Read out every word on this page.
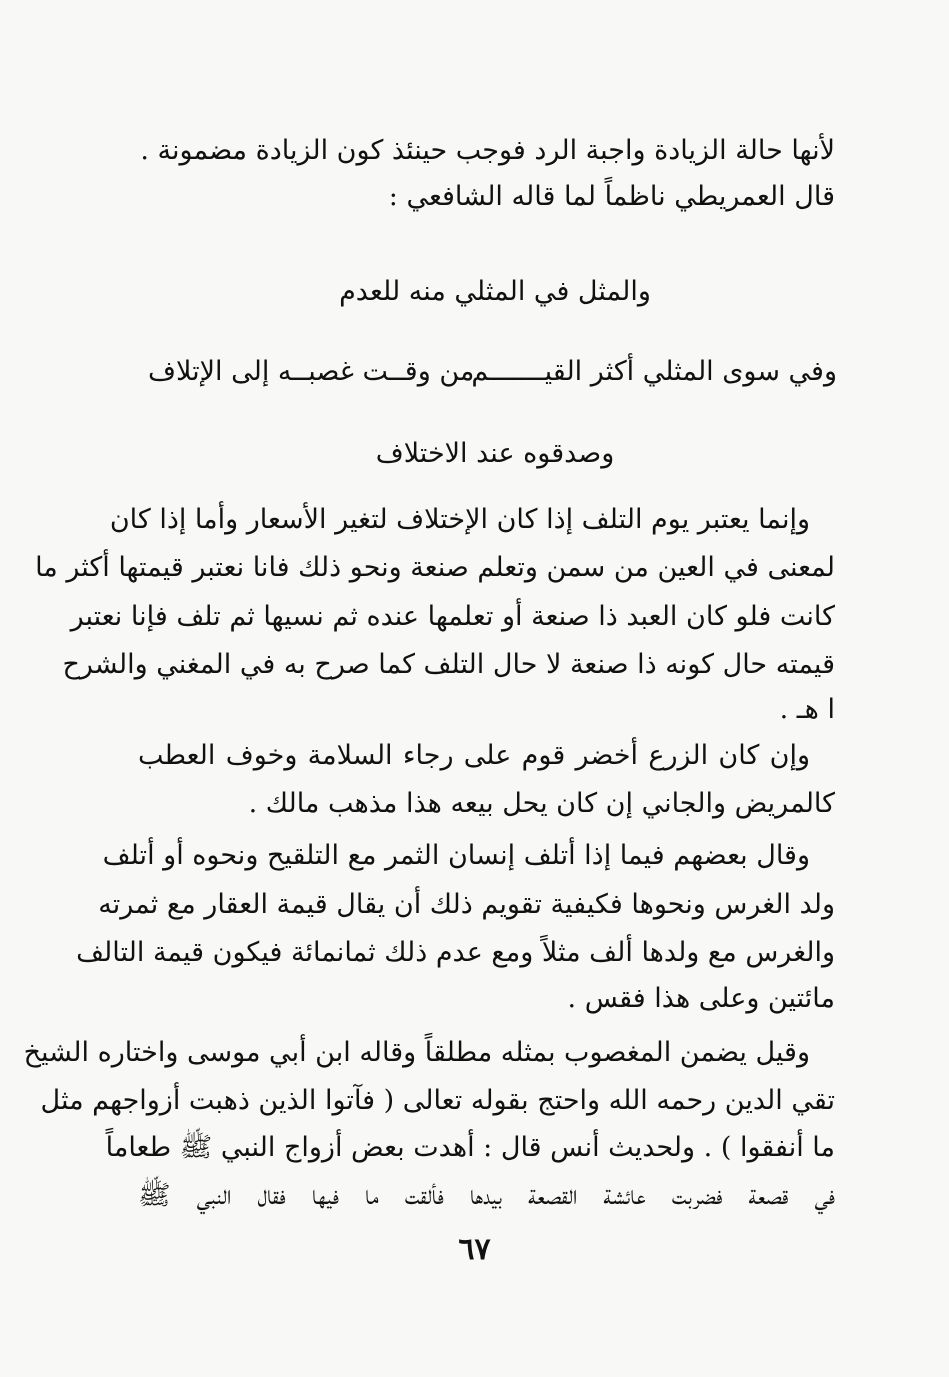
لأنها حالة الزيادة واجبة الرد فوجب حينئذ كون الزيادة مضمونة .
قال العمريطي ناظماً لما قاله الشافعي :
والمثل في المثلي منه للعدم
وفي سوى المثلي أكثر القيـــــــم
من وقــت غصبــه إلى الإتلاف
وصدقوه عند الاختلاف
وإنما يعتبر يوم التلف إذا كان الإختلاف لتغير الأسعار وأما إذا كان
لمعنى في العين من سمن وتعلم صنعة ونحو ذلك فانا نعتبر قيمتها أكثر ما
كانت فلو كان العبد ذا صنعة أو تعلمها عنده ثم نسيها ثم تلف فإنا نعتبر
قيمته حال كونه ذا صنعة لا حال التلف كما صرح به في المغني والشرح
ا هـ .
وإن كان الزرع أخضر قوم على رجاء السلامة وخوف العطب
كالمريض والجاني إن كان يحل بيعه هذا مذهب مالك .
وقال بعضهم فيما إذا أتلف إنسان الثمر مع التلقيح ونحوه أو أتلف
ولد الغرس ونحوها فكيفية تقويم ذلك أن يقال قيمة العقار مع ثمرته
والغرس مع ولدها ألف مثلاً ومع عدم ذلك ثمانمائة فيكون قيمة التالف
مائتين وعلى هذا فقس .
وقيل يضمن المغصوب بمثله مطلقاً وقاله ابن أبي موسى واختاره الشيخ
تقي الدين رحمه الله واحتج بقوله تعالى ( فآتوا الذين ذهبت أزواجهم مثل
ما أنفقوا ) . ولحديث أنس قال : أهدت بعض أزواج النبي ﷺ طعاماً
في قصعة فضربت عائشة القصعة بيدها فألقت ما فيها فقال النبي ﷺ
٦٧
